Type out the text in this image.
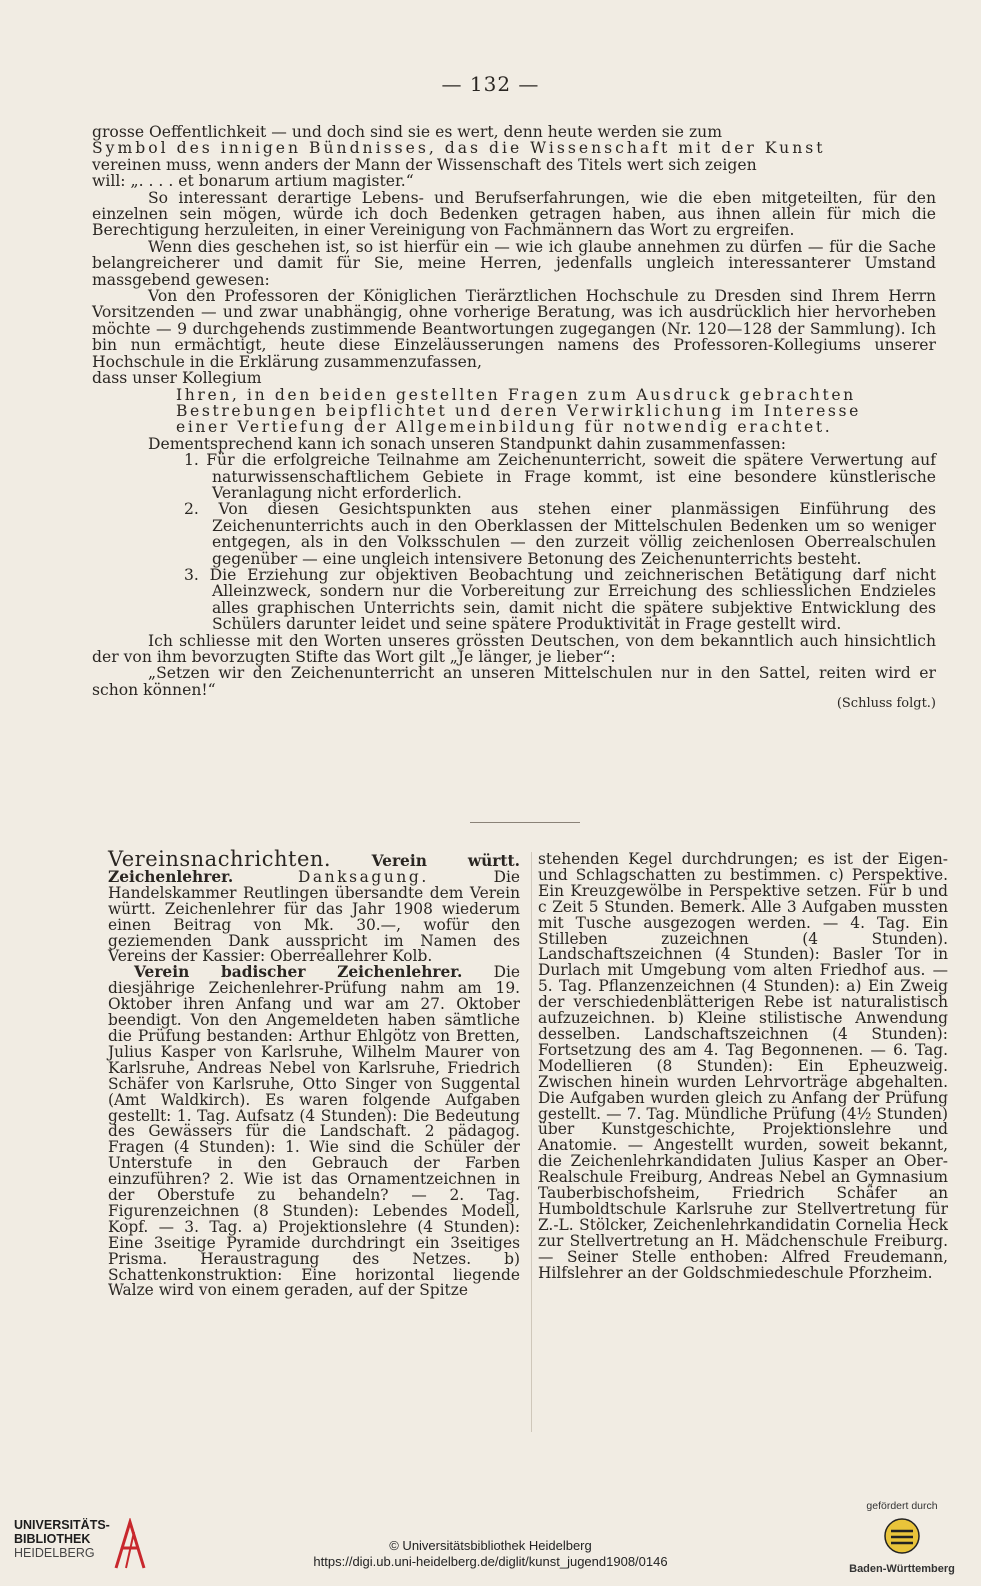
— 132 —

grosse Oeffentlichkeit — und doch sind sie es wert, denn heute werden sie zum

Symbol des innigen Bündnisses, das die Wissenschaft mit der Kunst

vereinen muss, wenn anders der Mann der Wissenschaft des Titels wert sich zeigen

will: „. . . . et bonarum artium magister.“

So interessant derartige Lebens- und Berufserfahrungen, wie die eben mitgeteilten, für den einzelnen sein mögen, würde ich doch Bedenken getragen haben, aus ihnen allein für mich die Berechtigung herzuleiten, in einer Vereinigung von Fachmännern das Wort zu ergreifen.

Wenn dies geschehen ist, so ist hierfür ein — wie ich glaube annehmen zu dürfen — für die Sache belangreicherer und damit für Sie, meine Herren, jedenfalls ungleich interessanterer Umstand massgebend gewesen:

Von den Professoren der Königlichen Tierärztlichen Hochschule zu Dresden sind Ihrem Herrn Vorsitzenden — und zwar unabhängig, ohne vorherige Beratung, was ich ausdrücklich hier hervorheben möchte — 9 durchgehends zustimmende Beantwortungen zugegangen (Nr. 120—128 der Sammlung). Ich bin nun ermächtigt, heute diese Einzeläusserungen namens des Professoren-Kollegiums unserer Hochschule in die Erklärung zusammenzufassen,

dass unser Kollegium

Ihren, in den beiden gestellten Fragen zum Ausdruck gebrachten

Bestrebungen beipflichtet und deren Verwirklichung im Interesse

einer Vertiefung der Allgemeinbildung für notwendig erachtet.

Dementsprechend kann ich sonach unseren Standpunkt dahin zusammenfassen:

1. Für die erfolgreiche Teilnahme am Zeichenunterricht, soweit die spätere Verwertung auf naturwissenschaftlichem Gebiete in Frage kommt, ist eine besondere künstlerische Veranlagung nicht erforderlich.

2. Von diesen Gesichtspunkten aus stehen einer planmässigen Einführung des Zeichenunterrichts auch in den Oberklassen der Mittelschulen Bedenken um so weniger entgegen, als in den Volksschulen — den zurzeit völlig zeichenlosen Oberrealschulen gegenüber — eine ungleich intensivere Betonung des Zeichenunterrichts besteht.

3. Die Erziehung zur objektiven Beobachtung und zeichnerischen Betätigung darf nicht Alleinzweck, sondern nur die Vorbereitung zur Erreichung des schliesslichen Endzieles alles graphischen Unterrichts sein, damit nicht die spätere subjektive Entwicklung des Schülers darunter leidet und seine spätere Produktivität in Frage gestellt wird.

Ich schliesse mit den Worten unseres grössten Deutschen, von dem bekanntlich auch hinsichtlich der von ihm bevorzugten Stifte das Wort gilt „Je länger, je lieber“:

„Setzen wir den Zeichenunterricht an unseren Mittelschulen nur in den Sattel, reiten wird er schon können!“

(Schluss folgt.)

Vereinsnachrichten.	Verein württ. Zeichenlehrer.	Danksagung.	Die Handelskammer Reutlingen übersandte dem Verein württ. Zeichenlehrer für das Jahr 1908 wiederum einen Beitrag von Mk. 30.—, wofür den geziemenden Dank ausspricht im Namen des Vereins der Kassier: Oberreallehrer Kolb.

Verein badischer Zeichenlehrer. Die diesjährige Zeichenlehrer-Prüfung nahm am 19. Oktober ihren Anfang und war am 27. Oktober beendigt. Von den Angemeldeten haben sämtliche die Prüfung bestanden: Arthur Ehlgötz von Bretten, Julius Kasper von Karlsruhe, Wilhelm Maurer von Karlsruhe, Andreas Nebel von Karlsruhe, Friedrich Schäfer von Karlsruhe, Otto Singer von Suggental (Amt Waldkirch). Es waren folgende Aufgaben gestellt: 1. Tag. Aufsatz (4 Stunden): Die Bedeutung des Gewässers für die Landschaft. 2 pädagog. Fragen (4 Stunden): 1. Wie sind die Schüler der Unterstufe in den Gebrauch der Farben einzuführen? 2. Wie ist das Ornamentzeichnen in der Oberstufe zu behandeln? — 2. Tag. Figurenzeichnen (8 Stunden): Lebendes Modell, Kopf. — 3. Tag. a) Projektionslehre (4 Stunden): Eine 3seitige Pyramide durchdringt ein 3seitiges Prisma. Heraustragung des Netzes. b) Schattenkonstruktion: Eine horizontal liegende Walze wird von einem geraden, auf der Spitze

stehenden Kegel durchdrungen; es ist der Eigen- und Schlagschatten zu bestimmen. c) Perspektive. Ein Kreuzgewölbe in Perspektive setzen. Für b und c Zeit 5 Stunden. Bemerk. Alle 3 Aufgaben mussten mit Tusche ausgezogen werden. — 4. Tag. Ein Stilleben zuzeichnen (4 Stunden). Landschaftszeichnen (4 Stunden): Basler Tor in Durlach mit Umgebung vom alten Friedhof aus. — 5. Tag. Pflanzenzeichnen (4 Stunden): a) Ein Zweig der verschiedenblätterigen Rebe ist naturalistisch aufzuzeichnen. b) Kleine stilistische Anwendung desselben. Landschaftszeichnen (4 Stunden): Fortsetzung des am 4. Tag Begonnenen. — 6. Tag. Modellieren (8 Stunden): Ein Epheuzweig. Zwischen hinein wurden Lehrvorträge abgehalten. Die Aufgaben wurden gleich zu Anfang der Prüfung gestellt. — 7. Tag. Mündliche Prüfung (4½ Stunden) über Kunstgeschichte, Projektionslehre und Anatomie. — Angestellt wurden, soweit bekannt, die Zeichenlehrkandidaten Julius Kasper an Ober-Realschule Freiburg, Andreas Nebel an Gymnasium Tauberbischofsheim, Friedrich Schäfer an Humboldtschule Karlsruhe zur Stellvertretung für Z.-L. Stölcker, Zeichenlehrkandidatin Cornelia Heck zur Stellvertretung an H. Mädchenschule Freiburg. — Seiner Stelle enthoben: Alfred Freudemann, Hilfslehrer an der Goldschmiedeschule Pforzheim.

UNIVERSITÄTS-
BIBLIOTHEK
HEIDELBERG	© Universitätsbibliothek Heidelberg
https://digi.ub.uni-heidelberg.de/diglit/kunst_jugend1908/0146
gefördert durch
Baden-Württemberg
